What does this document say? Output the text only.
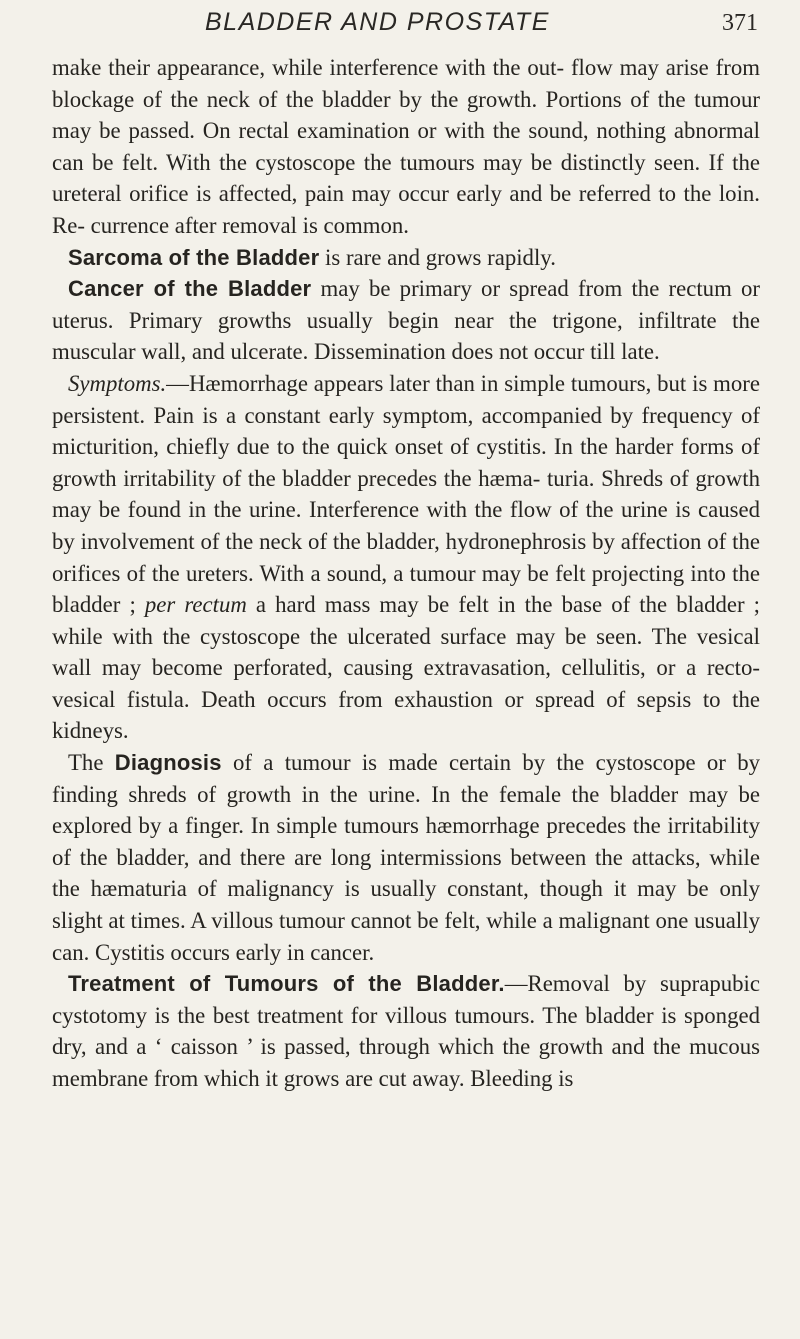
BLADDER AND PROSTATE	371

make their appearance, while interference with the out- flow may arise from blockage of the neck of the bladder by the growth. Portions of the tumour may be passed. On rectal examination or with the sound, nothing abnormal can be felt. With the cystoscope the tumours may be distinctly seen. If the ureteral orifice is affected, pain may occur early and be referred to the loin. Re- currence after removal is common.

Sarcoma of the Bladder is rare and grows rapidly.

Cancer of the Bladder may be primary or spread from the rectum or uterus. Primary growths usually begin near the trigone, infiltrate the muscular wall, and ulcerate. Dissemination does not occur till late.

Symptoms.—Hæmorrhage appears later than in simple tumours, but is more persistent. Pain is a constant early symptom, accompanied by frequency of micturition, chiefly due to the quick onset of cystitis. In the harder forms of growth irritability of the bladder precedes the hæma- turia. Shreds of growth may be found in the urine. Interference with the flow of the urine is caused by involvement of the neck of the bladder, hydronephrosis by affection of the orifices of the ureters. With a sound, a tumour may be felt projecting into the bladder ; per rectum a hard mass may be felt in the base of the bladder ; while with the cystoscope the ulcerated surface may be seen. The vesical wall may become perforated, causing extravasation, cellulitis, or a recto-vesical fistula. Death occurs from exhaustion or spread of sepsis to the kidneys.

The Diagnosis of a tumour is made certain by the cystoscope or by finding shreds of growth in the urine. In the female the bladder may be explored by a finger. In simple tumours hæmorrhage precedes the irritability of the bladder, and there are long intermissions between the attacks, while the hæmaturia of malignancy is usually constant, though it may be only slight at times. A villous tumour cannot be felt, while a malignant one usually can. Cystitis occurs early in cancer.

Treatment of Tumours of the Bladder.—Removal by suprapubic cystotomy is the best treatment for villous tumours. The bladder is sponged dry, and a ‘ caisson ’ is passed, through which the growth and the mucous membrane from which it grows are cut away. Bleeding is
